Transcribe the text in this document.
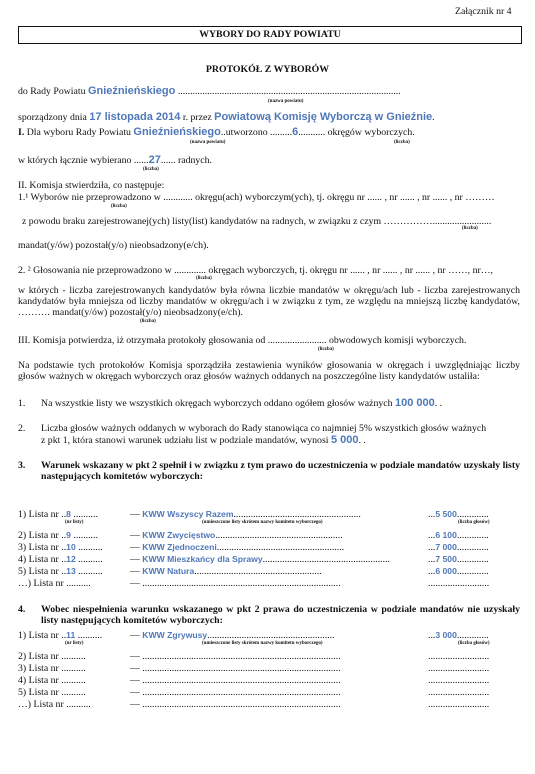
Załącznik nr 4
WYBORY DO RADY POWIATU
PROTOKÓŁ Z WYBORÓW
do Rady Powiatu Gnieźnieńskiego ...........................................................................................
(nazwa powiatu)
sporządzony dnia 17 listopada 2014 r. przez Powiatową Komisję Wyborczą w Gnieźnie.
I. Dla wyboru Rady Powiatu Gnieźnieńskiego..utworzono .........6........... okręgów wyborczych.
(nazwa powiatu)	(liczba)
w których łącznie wybierano ......27...... radnych.
(liczba)
II. Komisja stwierdziła, co następuje:
1.¹ Wyborów nie przeprowadzono w ............ okręgu(ach) wyborczym(ych), tj. okręgu nr ...... , nr ...... , nr ...... , nr ………
(liczba)
z powodu braku zarejestrowanej(ych) listy(list) kandydatów na radnych, w związku z czym ……………........................
(liczba)
mandat(y/ów) pozostał(y/o) nieobsadzony(e/ch).
2. ² Głosowania nie przeprowadzono w ............. okręgach wyborczych, tj. okręgu nr ...... , nr ...... , nr ...... , nr ……, nr…,
(liczba)
w których - liczba zarejestrowanych kandydatów była równa liczbie mandatów w okręgu/ach lub - liczba zarejestrowanych kandydatów była mniejsza od liczby mandatów w okręgu/ach i w związku z tym, ze względu na mniejszą liczbę kandydatów, ………. mandat(y/ów) pozostał(y/o) nieobsadzony(e/ch).
(liczba)
III. Komisja potwierdza, iż otrzymała protokoły głosowania od ........................ obwodowych komisji wyborczych.
(liczba)
Na podstawie tych protokołów Komisja sporządziła zestawienia wyników głosowania w okręgach i uwzględniając liczby głosów ważnych w okręgach wyborczych oraz głosów ważnych oddanych na poszczególne listy kandydatów ustaliła:
1. Na wszystkie listy we wszystkich okręgach wyborczych oddano ogółem głosów ważnych 100 000. .
2. Liczba głosów ważnych oddanych w wyborach do Rady stanowiąca co najmniej 5% wszystkich głosów ważnych
z pkt 1, która stanowi warunek udziału list w podziale mandatów, wynosi 5 000. .
3. Warunek wskazany w pkt 2 spełnił i w związku z tym prawo do uczestniczenia w podziale mandatów uzyskały listy następujących komitetów wyborczych:
1) Lista nr ..8 ..........	— KWW Wszyscy Razem....................................................	...5 500.............
(nr listy)	(umieszczone listy skrótem nazwy komitetu wyborczego)	(liczba głosów)
2) Lista nr ..9 ..........	— KWW Zwycięstwo....................................................	...6 100.............
3) Lista nr ..10 ..........	— KWW Zjednoczeni....................................................	...7 000.............
4) Lista nr ..12 ..........	— KWW Mieszkańcy dla Sprawy....................................................	...7 500.............
5) Lista nr ..13 ..........	— KWW Natura....................................................	...6 000.............
…) Lista nr ..........	— .................................................................................	.........................
4. Wobec niespełnienia warunku wskazanego w pkt 2 prawa do uczestniczenia w podziale mandatów nie uzyskały listy następujących komitetów wyborczych:
1) Lista nr ..11 ..........	— KWW Zgrywusy....................................................	...3 000.............
(nr listy)	(umieszczone listy skrótem nazwy komitetu wyborczego)	(liczba głosów)
2) Lista nr ..........	— .................................................................................	.........................
3) Lista nr ..........	— .................................................................................	.........................
4) Lista nr ..........	— .................................................................................	.........................
5) Lista nr ..........	— .................................................................................	.........................
…) Lista nr ..........	— .................................................................................	.........................
